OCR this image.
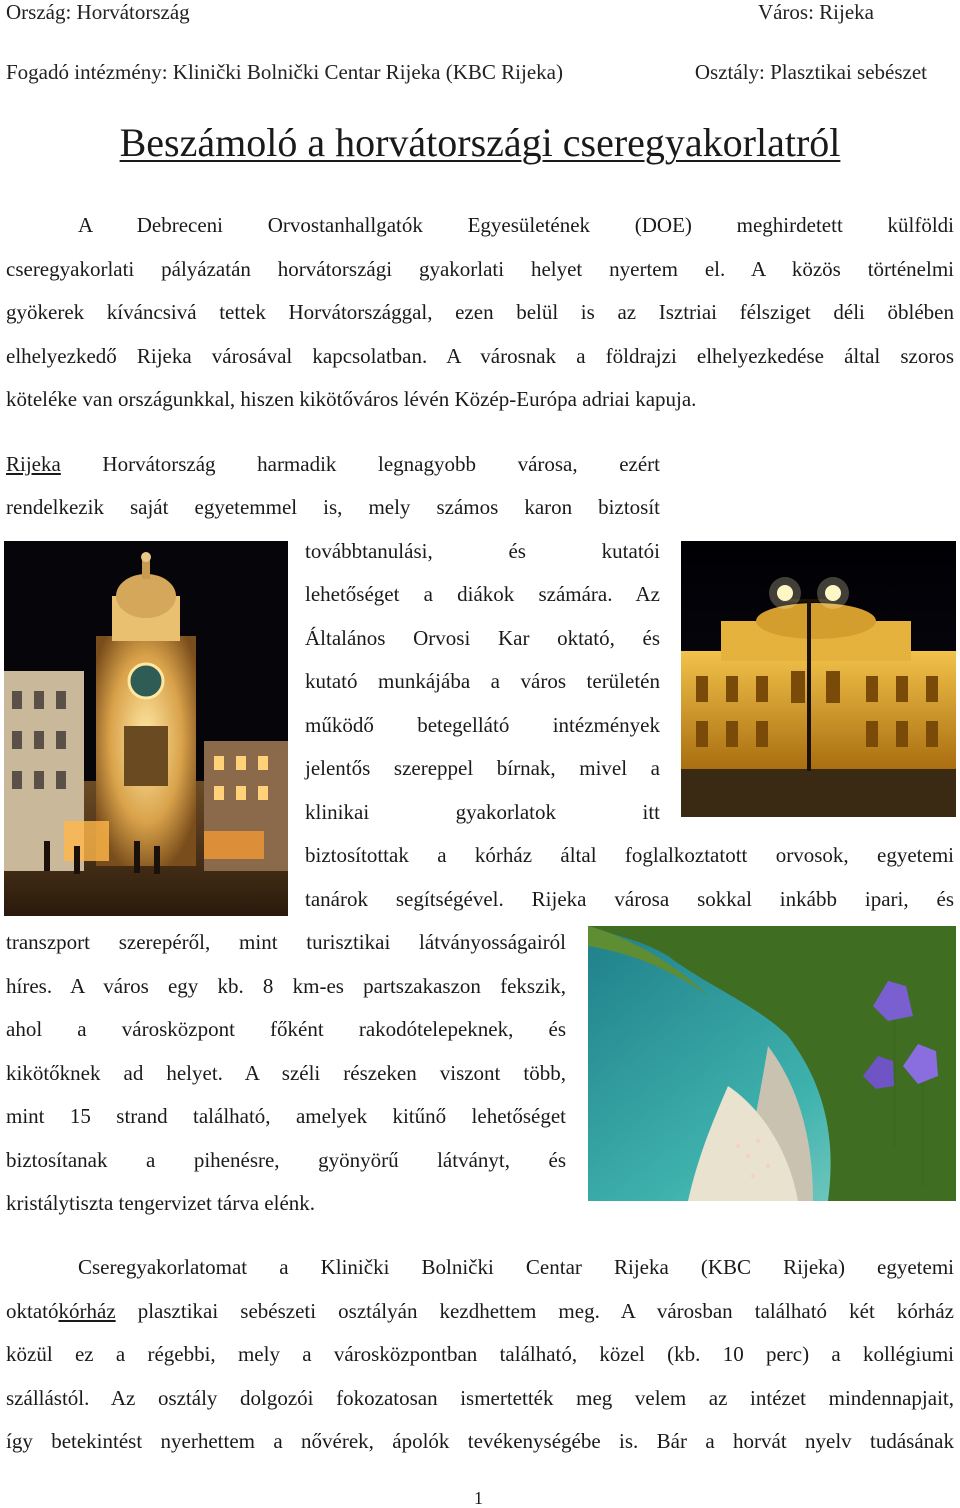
Ország: Horvátország	Város: Rijeka
Fogadó intézmény: Klinički Bolnički Centar Rijeka (KBC Rijeka)	Osztály: Plasztikai sebészet
Beszámoló a horvátországi cseregyakorlatról
A Debreceni Orvostanhallgatók Egyesületének (DOE) meghirdetett külföldi
cseregyakorlati pályázatán horvátországi gyakorlati helyet nyertem el. A közös történelmi
gyökerek kíváncsivá tettek Horvátországgal, ezen belül is az Isztriai félsziget déli öblében
elhelyezkedő Rijeka városával kapcsolatban. A városnak a földrajzi elhelyezkedése által szoros
köteléke van országunkkal, hiszen kikötőváros lévén Közép-Európa adriai kapuja.
Rijeka Horvátország harmadik legnagyobb városa, ezért
rendelkezik saját egyetemmel is, mely számos karon biztosít
továbbtanulási, és kutatói
lehetőséget a diákok számára. Az
Általános Orvosi Kar oktató, és
kutató munkájába a város területén
működő betegellátó intézmények
jelentős szereppel bírnak, mivel a
klinikai gyakorlatok itt
biztosítottak a kórház által foglalkoztatott orvosok, egyetemi
tanárok segítségével. Rijeka városa sokkal inkább ipari, és
transzport szerepéről, mint turisztikai látványosságairól
híres. A város egy kb. 8 km-es partszakaszon fekszik,
ahol a városközpont főként rakodótelepeknek, és
kikötőknek ad helyet. A széli részeken viszont több,
mint 15 strand található, amelyek kitűnő lehetőséget
biztosítanak a pihenésre, gyönyörű látványt, és
kristálytiszta tengervizet tárva elénk.
Cseregyakorlatomat a Klinički Bolnički Centar Rijeka (KBC Rijeka) egyetemi
oktatókórház plasztikai sebészeti osztályán kezdhettem meg. A városban található két kórház
közül ez a régebbi, mely a városközpontban található, közel (kb. 10 perc) a kollégiumi
szállástól. Az osztály dolgozói fokozatosan ismertették meg velem az intézet mindennapjait,
így betekintést nyerhettem a nővérek, ápolók tevékenységébe is. Bár a horvát nyelv tudásának
1
